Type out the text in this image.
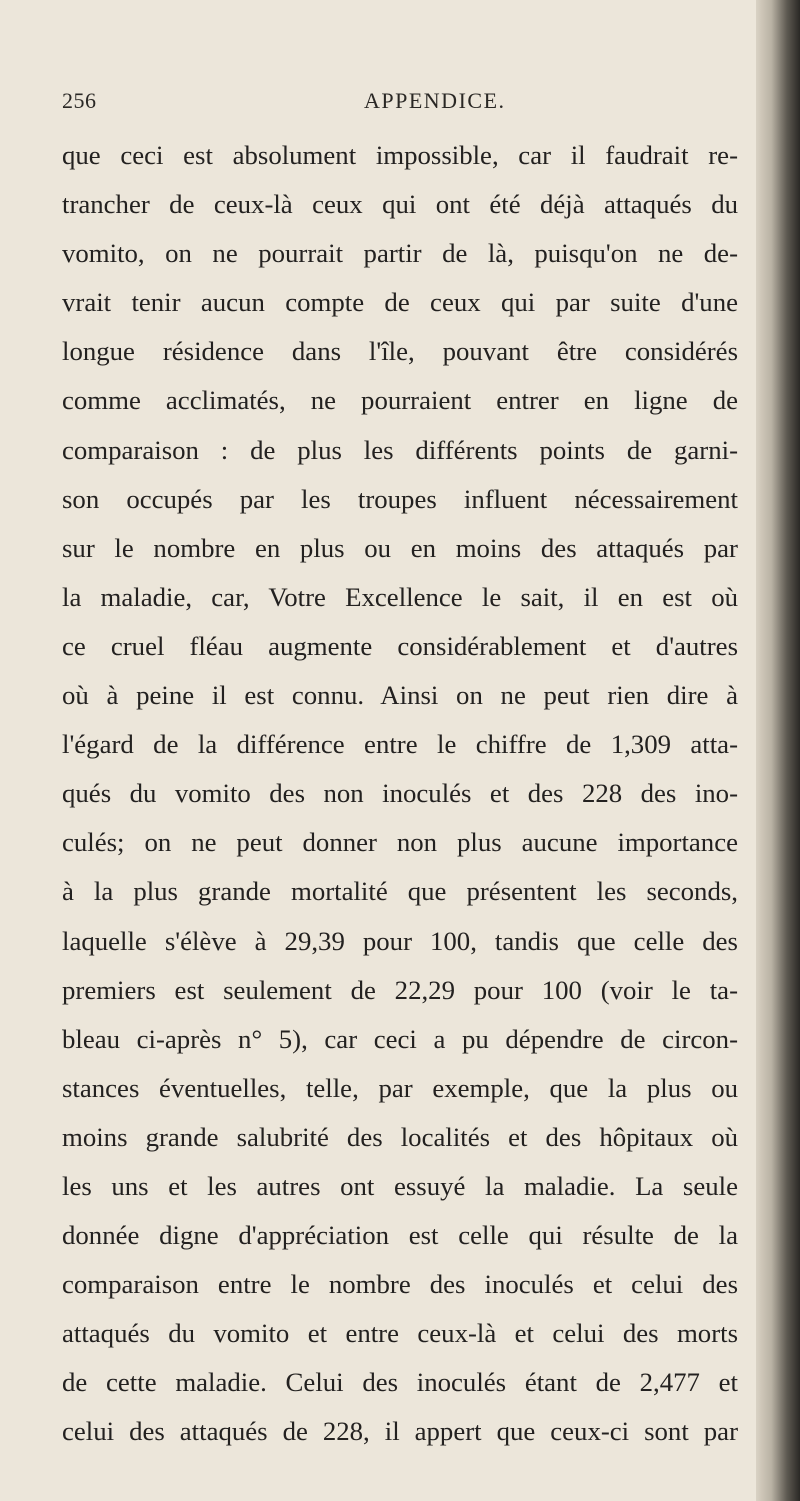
256	APPENDICE.
que ceci est absolument impossible, car il faudrait re-
trancher de ceux-là ceux qui ont été déjà attaqués du
vomito, on ne pourrait partir de là, puisqu'on ne de-
vrait tenir aucun compte de ceux qui par suite d'une
longue résidence dans l'île, pouvant être considérés
comme acclimatés, ne pourraient entrer en ligne de
comparaison : de plus les différents points de garni-
son occupés par les troupes influent nécessairement
sur le nombre en plus ou en moins des attaqués par
la maladie, car, Votre Excellence le sait, il en est où
ce cruel fléau augmente considérablement et d'autres
où à peine il est connu. Ainsi on ne peut rien dire à
l'égard de la différence entre le chiffre de 1,309 atta-
qués du vomito des non inoculés et des 228 des ino-
culés; on ne peut donner non plus aucune importance
à la plus grande mortalité que présentent les seconds,
laquelle s'élève à 29,39 pour 100, tandis que celle des
premiers est seulement de 22,29 pour 100 (voir le ta-
bleau ci-après n° 5), car ceci a pu dépendre de circon-
stances éventuelles, telle, par exemple, que la plus ou
moins grande salubrité des localités et des hôpitaux où
les uns et les autres ont essuyé la maladie. La seule
donnée digne d'appréciation est celle qui résulte de la
comparaison entre le nombre des inoculés et celui des
attaqués du vomito et entre ceux-là et celui des morts
de cette maladie. Celui des inoculés étant de 2,477 et
celui des attaqués de 228, il appert que ceux-ci sont par
